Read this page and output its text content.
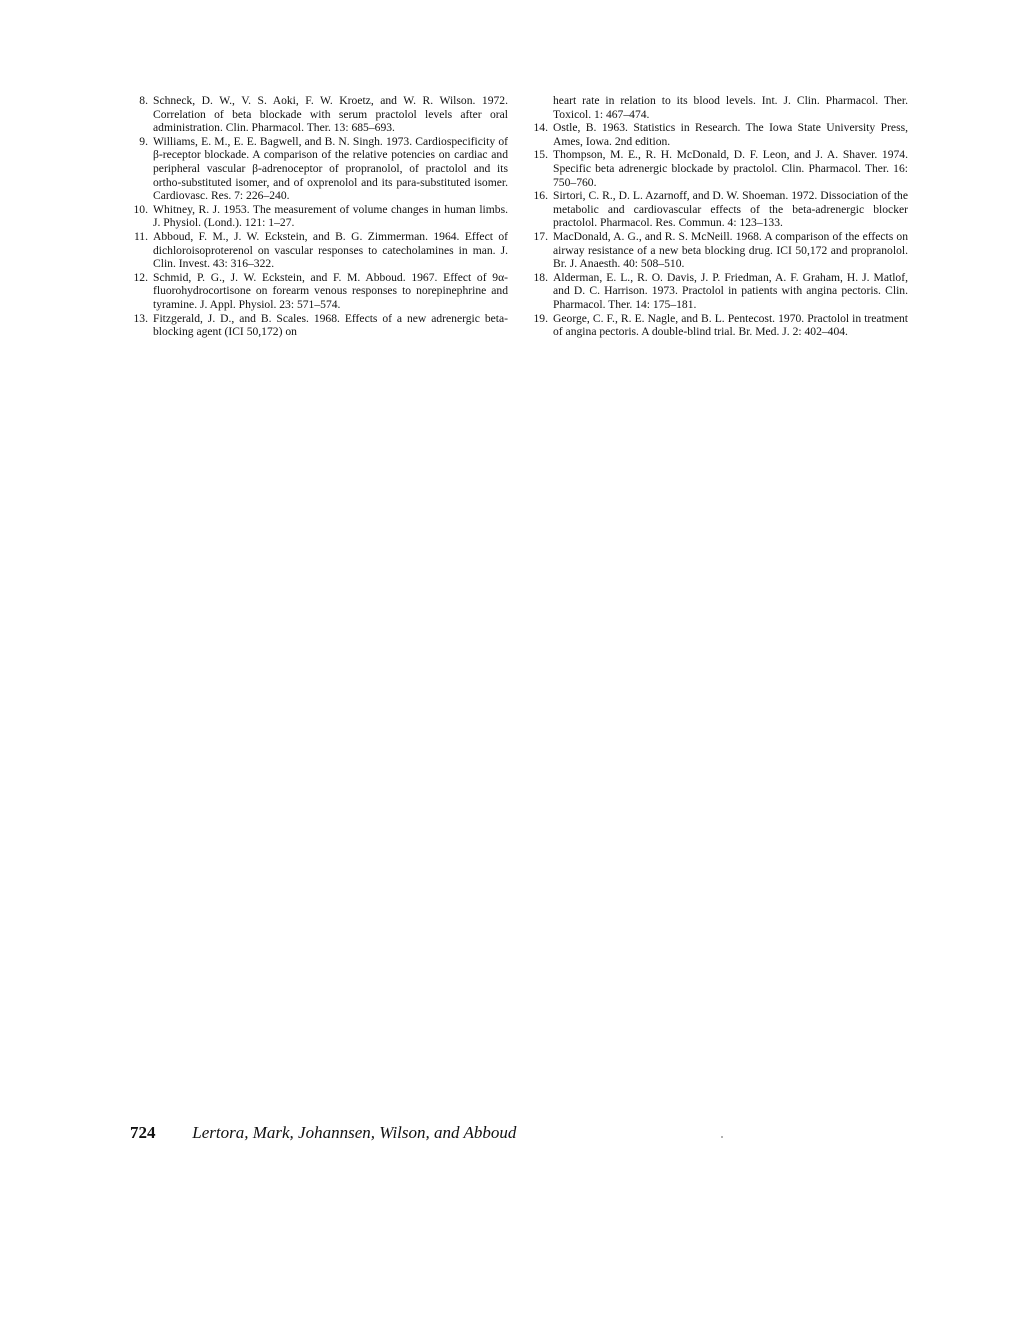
8. Schneck, D. W., V. S. Aoki, F. W. Kroetz, and W. R. Wilson. 1972. Correlation of beta blockade with serum practolol levels after oral administration. Clin. Pharmacol. Ther. 13: 685–693.
9. Williams, E. M., E. E. Bagwell, and B. N. Singh. 1973. Cardiospecificity of β-receptor blockade. A comparison of the relative potencies on cardiac and peripheral vascular β-adrenoceptor of propranolol, of practolol and its ortho-substituted isomer, and of oxprenolol and its para-substituted isomer. Cardiovasc. Res. 7: 226–240.
10. Whitney, R. J. 1953. The measurement of volume changes in human limbs. J. Physiol. (Lond.). 121: 1–27.
11. Abboud, F. M., J. W. Eckstein, and B. G. Zimmerman. 1964. Effect of dichloroisoproterenol on vascular responses to catecholamines in man. J. Clin. Invest. 43: 316–322.
12. Schmid, P. G., J. W. Eckstein, and F. M. Abboud. 1967. Effect of 9α-fluorohydrocortisone on forearm venous responses to norepinephrine and tyramine. J. Appl. Physiol. 23: 571–574.
13. Fitzgerald, J. D., and B. Scales. 1968. Effects of a new adrenergic beta-blocking agent (ICI 50,172) on
heart rate in relation to its blood levels. Int. J. Clin. Pharmacol. Ther. Toxicol. 1: 467–474.
14. Ostle, B. 1963. Statistics in Research. The Iowa State University Press, Ames, Iowa. 2nd edition.
15. Thompson, M. E., R. H. McDonald, D. F. Leon, and J. A. Shaver. 1974. Specific beta adrenergic blockade by practolol. Clin. Pharmacol. Ther. 16: 750–760.
16. Sirtori, C. R., D. L. Azarnoff, and D. W. Shoeman. 1972. Dissociation of the metabolic and cardiovascular effects of the beta-adrenergic blocker practolol. Pharmacol. Res. Commun. 4: 123–133.
17. MacDonald, A. G., and R. S. McNeill. 1968. A comparison of the effects on airway resistance of a new beta blocking drug. ICI 50,172 and propranolol. Br. J. Anaesth. 40: 508–510.
18. Alderman, E. L., R. O. Davis, J. P. Friedman, A. F. Graham, H. J. Matlof, and D. C. Harrison. 1973. Practolol in patients with angina pectoris. Clin. Pharmacol. Ther. 14: 175–181.
19. George, C. F., R. E. Nagle, and B. L. Pentecost. 1970. Practolol in treatment of angina pectoris. A double-blind trial. Br. Med. J. 2: 402–404.
724 Lertora, Mark, Johannsen, Wilson, and Abboud
